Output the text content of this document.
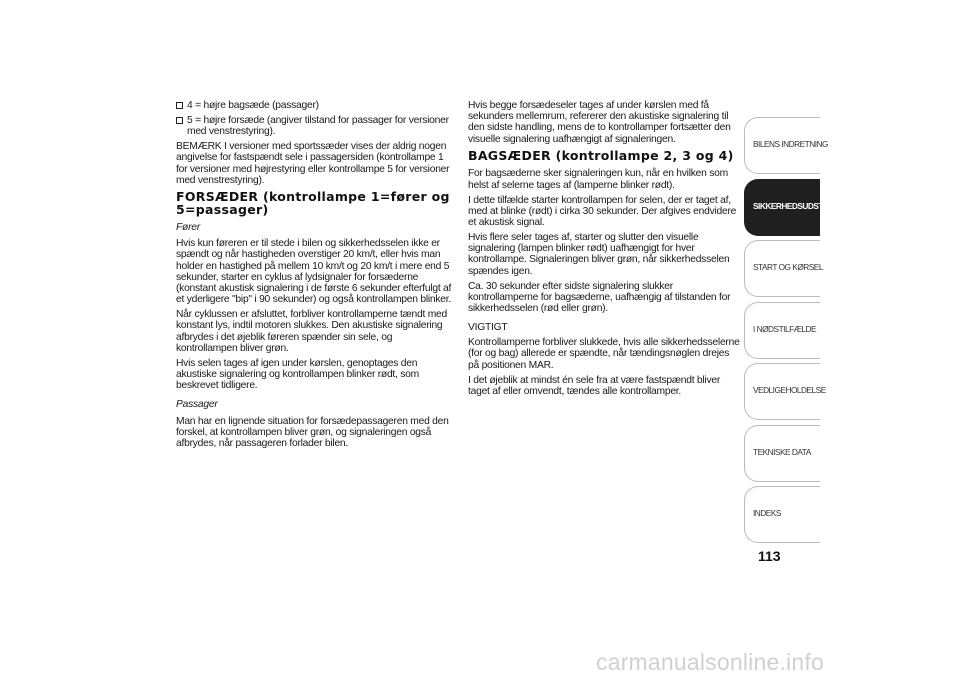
4 = højre bagsæde (passager)
5 = højre forsæde (angiver tilstand for passager for versioner med venstrestyring).

BEMÆRK I versioner med sportssæder vises der aldrig nogen angivelse for fastspændt sele i passagersiden (kontrollampe 1 for versioner med højrestyring eller kontrollampe 5 for versioner med venstrestyring).

FORSÆDER (kontrollampe 1=fører og 5=passager)

Fører

Hvis kun føreren er til stede i bilen og sikkerhedsselen ikke er spændt og når hastigheden overstiger 20 km/t, eller hvis man holder en hastighed på mellem 10 km/t og 20 km/t i mere end 5 sekunder, starter en cyklus af lydsignaler for forsæderne (konstant akustisk signalering i de første 6 sekunder efterfulgt af et yderligere "bip" i 90 sekunder) og også kontrollampen blinker.

Når cyklussen er afsluttet, forbliver kontrollamperne tændt med konstant lys, indtil motoren slukkes. Den akustiske signalering afbrydes i det øjeblik føreren spænder sin sele, og kontrollampen bliver grøn.

Hvis selen tages af igen under kørslen, genoptages den akustiske signalering og kontrollampen blinker rødt, som beskrevet tidligere.

Passager

Man har en lignende situation for forsædepassageren med den forskel, at kontrollampen bliver grøn, og signaleringen også afbrydes, når passageren forlader bilen.

Hvis begge forsædeseler tages af under kørslen med få sekunders mellemrum, refererer den akustiske signalering til den sidste handling, mens de to kontrollamper fortsætter den visuelle signalering uafhængigt af signaleringen.

BAGSÆDER (kontrollampe 2, 3 og 4)

For bagsæderne sker signaleringen kun, når en hvilken som helst af selerne tages af (lamperne blinker rødt).

I dette tilfælde starter kontrollampen for selen, der er taget af, med at blinke (rødt) i cirka 30 sekunder. Der afgives endvidere et akustisk signal.

Hvis flere seler tages af, starter og slutter den visuelle signalering (lampen blinker rødt) uafhængigt for hver kontrollampe. Signaleringen bliver grøn, når sikkerhedsselen spændes igen.

Ca. 30 sekunder efter sidste signalering slukker kontrollamperne for bagsæderne, uafhængig af tilstanden for sikkerhedsselen (rød eller grøn).

VIGTIGT

Kontrollamperne forbliver slukkede, hvis alle sikkerhedsselerne (for og bag) allerede er spændte, når tændingsnøglen drejes på positionen MAR.

I det øjeblik at mindst én sele fra at være fastspændt bliver taget af eller omvendt, tændes alle kontrollamper.

BILENS INDRETNING
SIKKERHEDSUDSTYR
START OG KØRSEL
I NØDSTILFÆLDE
VEDLIGEHOLDELSE
TEKNISKE DATA
INDEKS
113
carmanualsonline.info
